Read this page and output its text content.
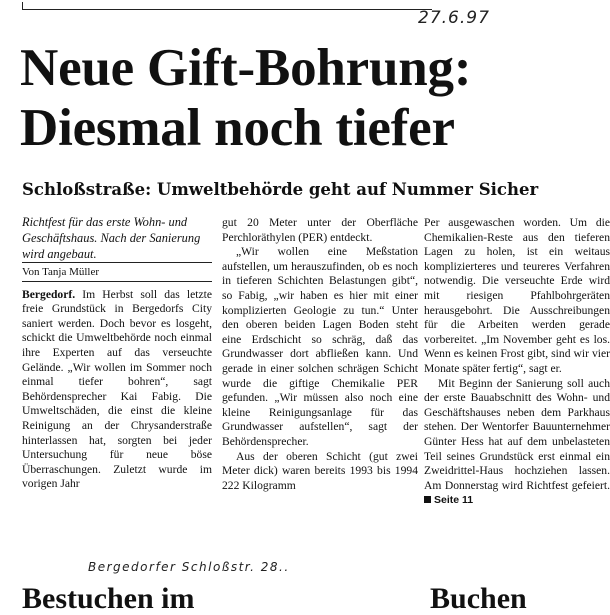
27.6.97
Neue Gift-Bohrung:
Diesmal noch tiefer
Schloßstraße: Umweltbehörde geht auf Nummer Sicher

Richtfest für das erste Wohn- und Geschäftshaus. Nach der Sanierung wird angebaut.

Von Tanja Müller

Bergedorf. Im Herbst soll das letzte freie Grundstück in Bergedorfs City saniert werden. Doch bevor es losgeht, schickt die Umweltbehörde noch einmal ihre Experten auf das verseuchte Gelände. „Wir wollen im Sommer noch einmal tiefer bohren“, sagt Behördensprecher Kai Fabig. Die Umweltschäden, die einst die kleine Reinigung an der Chrysanderstraße hinterlassen hat, sorgten bei jeder Untersuchung für neue böse Überraschungen. Zuletzt wurde im vorigen Jahr

gut 20 Meter unter der Oberfläche Perchloräthylen (PER) entdeckt.

„Wir wollen eine Meßstation aufstellen, um herauszufinden, ob es noch in tieferen Schichten Belastungen gibt“, so Fabig, „wir haben es hier mit einer komplizierten Geologie zu tun.“ Unter den oberen beiden Lagen Boden steht eine Erdschicht so schräg, daß das Grundwasser dort abfließen kann. Und gerade in einer solchen schrägen Schicht wurde die giftige Chemikalie PER gefunden. „Wir müssen also noch eine kleine Reinigungsanlage für das Grundwasser aufstellen“, sagt der Behördensprecher.

Aus der oberen Schicht (gut zwei Meter dick) waren bereits 1993 bis 1994 222 Kilogramm

Per ausgewaschen worden. Um die Chemikalien-Reste aus den tieferen Lagen zu holen, ist ein weitaus komplizierteres und teureres Verfahren notwendig. Die verseuchte Erde wird mit riesigen Pfahlbohrgeräten herausgebohrt. Die Ausschreibungen für die Arbeiten werden gerade vorbereitet. „Im November geht es los. Wenn es keinen Frost gibt, sind wir vier Monate später fertig“, sagt er.

Mit Beginn der Sanierung soll auch der erste Bauabschnitt des Wohn- und Geschäftshauses neben dem Parkhaus stehen. Der Wentorfer Bauunternehmer Günter Hess hat auf dem unbelasteten Teil seines Grundstück erst einmal ein Zweidrittel-Haus hochziehen lassen. Am Donnerstag wird Richtfest gefeiert. Seite 11

Bergedorfer Schloßstr. 28..
Bestuchen im	Buchen
